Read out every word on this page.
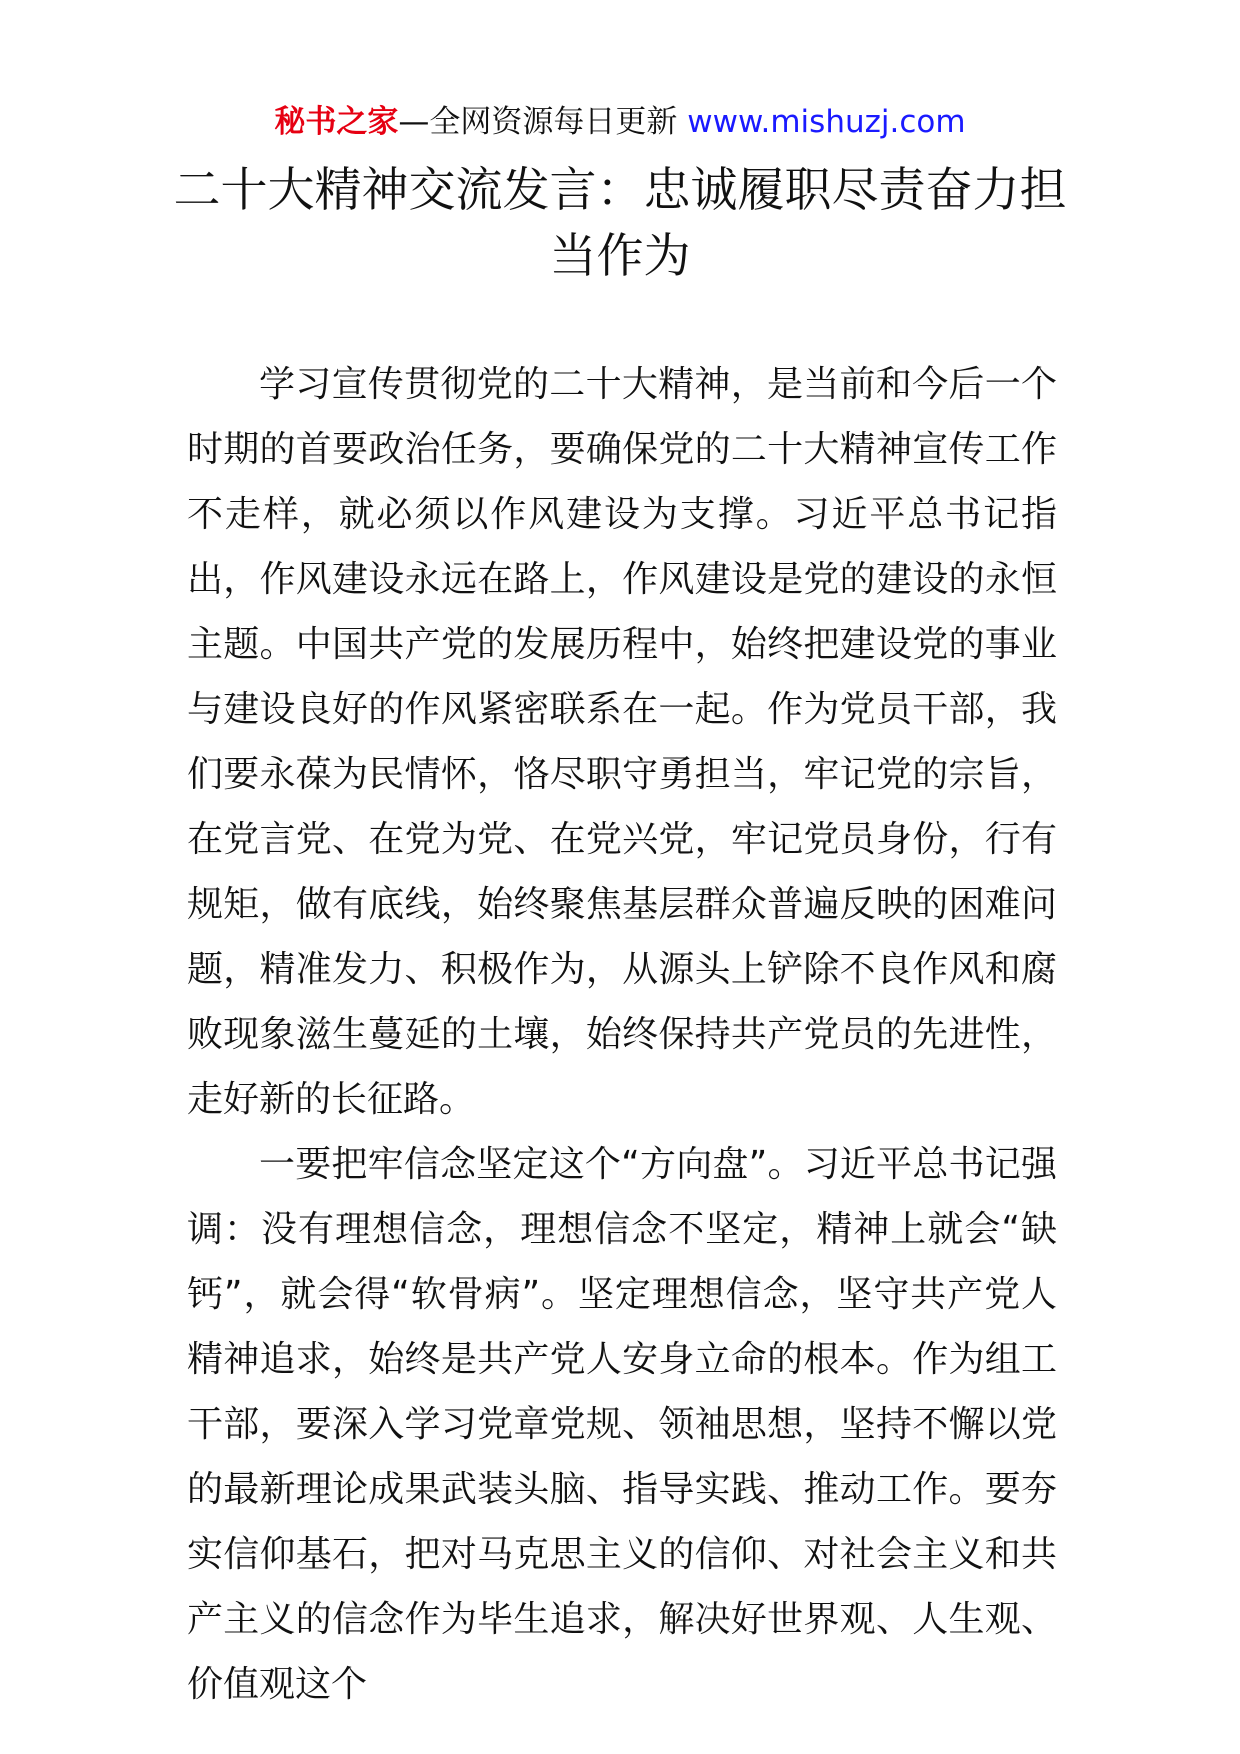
秘书之家—全网资源每日更新 www.mishuzj.com
二十大精神交流发言：忠诚履职尽责奋力担当作为

学习宣传贯彻党的二十大精神，是当前和今后一个时期的首要政治任务，要确保党的二十大精神宣传工作不走样，就必须以作风建设为支撑。习近平总书记指出，作风建设永远在路上，作风建设是党的建设的永恒主题。中国共产党的发展历程中，始终把建设党的事业与建设良好的作风紧密联系在一起。作为党员干部，我们要永葆为民情怀，恪尽职守勇担当，牢记党的宗旨，在党言党、在党为党、在党兴党，牢记党员身份，行有规矩，做有底线，始终聚焦基层群众普遍反映的困难问题，精准发力、积极作为，从源头上铲除不良作风和腐败现象滋生蔓延的土壤，始终保持共产党员的先进性，走好新的长征路。

一要把牢信念坚定这个“方向盘”。习近平总书记强调：没有理想信念，理想信念不坚定，精神上就会“缺钙”，就会得“软骨病”。坚定理想信念，坚守共产党人精神追求，始终是共产党人安身立命的根本。作为组工干部，要深入学习党章党规、领袖思想，坚持不懈以党的最新理论成果武装头脑、指导实践、推动工作。要夯实信仰基石，把对马克思主义的信仰、对社会主义和共产主义的信念作为毕生追求，解决好世界观、人生观、价值观这个
